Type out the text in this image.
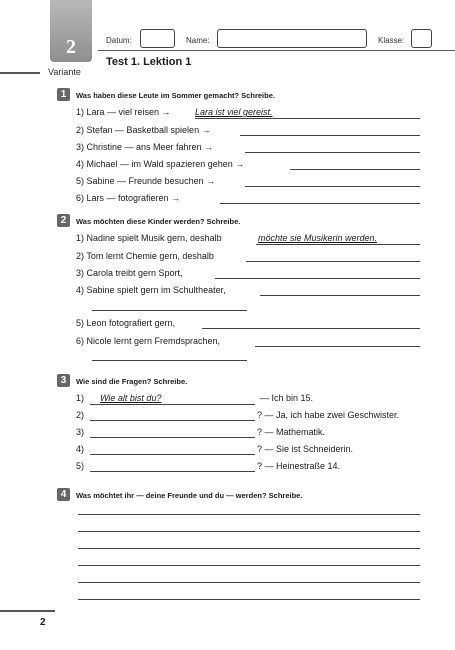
2
Variante
Datum:	Name:	Klasse:
Test 1. Lektion 1
1	Was haben diese Leute im Sommer gemacht? Schreibe.
1) Lara — viel reisen →	Lara ist viel gereist.
2) Stefan — Basketball spielen →
3) Christine — ans Meer fahren →
4) Michael — im Wald spazieren gehen →
5) Sabine — Freunde besuchen →
6) Lars — fotografieren →
2	Was möchten diese Kinder werden? Schreibe.
1) Nadine spielt Musik gern, deshalb	möchte sie Musikerin werden.
2) Tom lernt Chemie gern, deshalb
3) Carola treibt gern Sport,
4) Sabine spielt gern im Schultheater,
5) Leon fotografiert gern,
6) Nicole lernt gern Fremdsprachen,
3	Wie sind die Fragen? Schreibe.
1) Wie alt bist du?	— Ich bin 15.
2)	? — Ja, ich habe zwei Geschwister.
3)	? — Mathematik.
4)	? — Sie ist Schneiderin.
5)	? — Heinestraße 14.
4	Was möchtet ihr — deine Freunde und du — werden? Schreibe.
2
